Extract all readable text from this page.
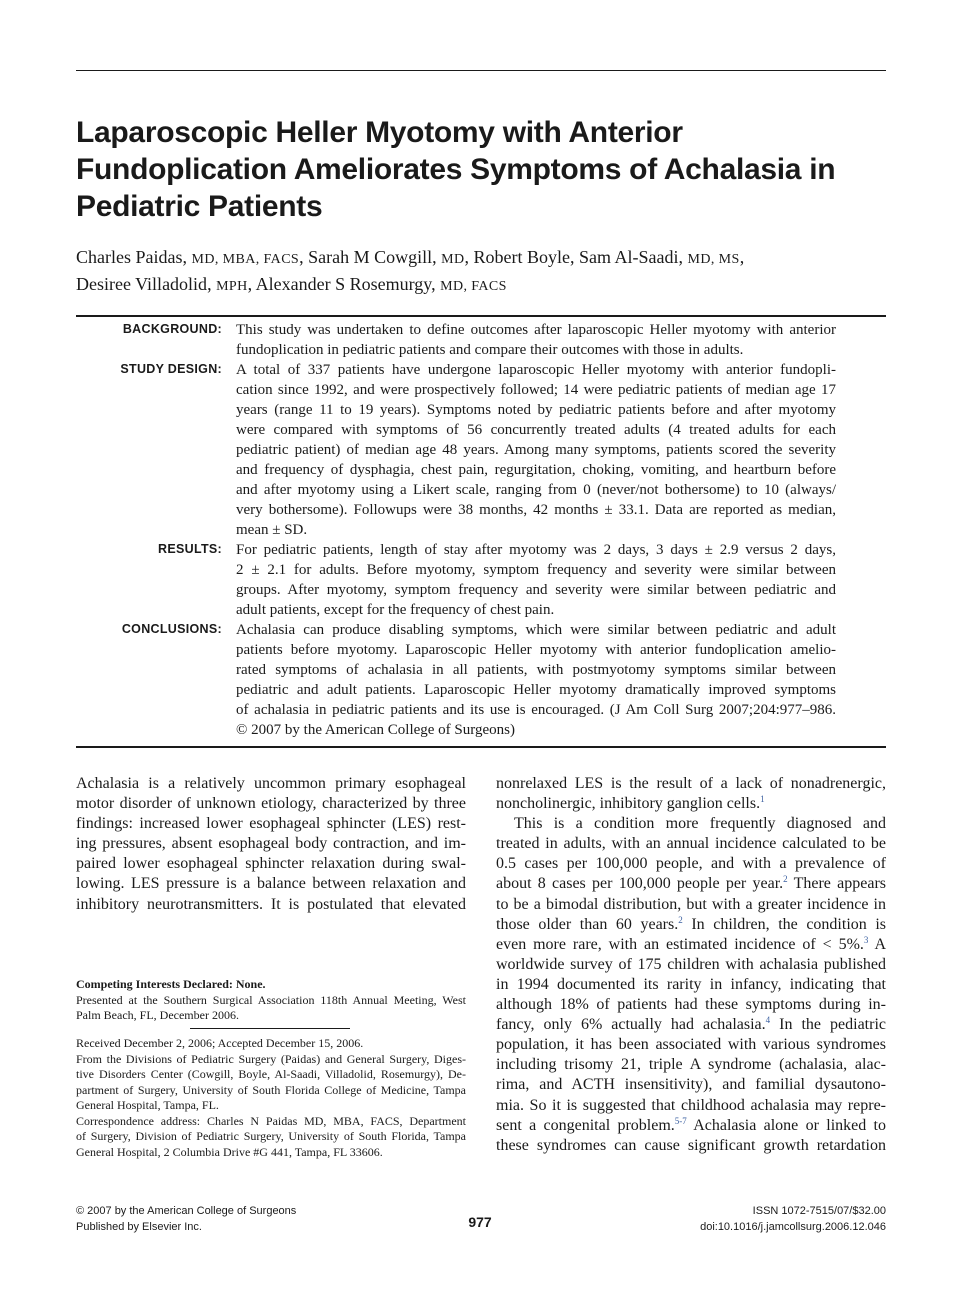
Laparoscopic Heller Myotomy with Anterior Fundoplication Ameliorates Symptoms of Achalasia in Pediatric Patients
Charles Paidas, MD, MBA, FACS, Sarah M Cowgill, MD, Robert Boyle, Sam Al-Saadi, MD, MS,
Desiree Villadolid, MPH, Alexander S Rosemurgy, MD, FACS
BACKGROUND: This study was undertaken to define outcomes after laparoscopic Heller myotomy with anterior
fundoplication in pediatric patients and compare their outcomes with those in adults.
STUDY DESIGN: A total of 337 patients have undergone laparoscopic Heller myotomy with anterior fundopli-
cation since 1992, and were prospectively followed; 14 were pediatric patients of median age 17
years (range 11 to 19 years). Symptoms noted by pediatric patients before and after myotomy
were compared with symptoms of 56 concurrently treated adults (4 treated adults for each
pediatric patient) of median age 48 years. Among many symptoms, patients scored the severity
and frequency of dysphagia, chest pain, regurgitation, choking, vomiting, and heartburn before
and after myotomy using a Likert scale, ranging from 0 (never/not bothersome) to 10 (always/
very bothersome). Followups were 38 months, 42 months ± 33.1. Data are reported as median,
mean ± SD.
RESULTS: For pediatric patients, length of stay after myotomy was 2 days, 3 days ± 2.9 versus 2 days,
2 ± 2.1 for adults. Before myotomy, symptom frequency and severity were similar between
groups. After myotomy, symptom frequency and severity were similar between pediatric and
adult patients, except for the frequency of chest pain.
CONCLUSIONS: Achalasia can produce disabling symptoms, which were similar between pediatric and adult
patients before myotomy. Laparoscopic Heller myotomy with anterior fundoplication amelio-
rated symptoms of achalasia in all patients, with postmyotomy symptoms similar between
pediatric and adult patients. Laparoscopic Heller myotomy dramatically improved symptoms
of achalasia in pediatric patients and its use is encouraged. (J Am Coll Surg 2007;204:977–986.
© 2007 by the American College of Surgeons)
Achalasia is a relatively uncommon primary esophageal
motor disorder of unknown etiology, characterized by three
findings: increased lower esophageal sphincter (LES) rest-
ing pressures, absent esophageal body contraction, and im-
paired lower esophageal sphincter relaxation during swal-
lowing. LES pressure is a balance between relaxation and
inhibitory neurotransmitters. It is postulated that elevated
nonrelaxed LES is the result of a lack of nonadrenergic,
noncholinergic, inhibitory ganglion cells.$^1$
This is a condition more frequently diagnosed and
treated in adults, with an annual incidence calculated to be
0.5 cases per 100,000 people, and with a prevalence of
about 8 cases per 100,000 people per year.$^2$ There appears
to be a bimodal distribution, but with a greater incidence in
those older than 60 years.$^2$ In children, the condition is
even more rare, with an estimated incidence of < 5%.$^3$ A
worldwide survey of 175 children with achalasia published
in 1994 documented its rarity in infancy, indicating that
although 18% of patients had these symptoms during in-
fancy, only 6% actually had achalasia.$^4$ In the pediatric
population, it has been associated with various syndromes
including trisomy 21, triple A syndrome (achalasia, alac-
rima, and ACTH insensitivity), and familial dysautono-
mia. So it is suggested that childhood achalasia may repre-
sent a congenital problem.$^{5-7}$ Achalasia alone or linked to
these syndromes can cause significant growth retardation
Competing Interests Declared: None.
Presented at the Southern Surgical Association 118th Annual Meeting, West
Palm Beach, FL, December 2006.
Received December 2, 2006; Accepted December 15, 2006.
From the Divisions of Pediatric Surgery (Paidas) and General Surgery, Diges-
tive Disorders Center (Cowgill, Boyle, Al-Saadi, Villadolid, Rosemurgy), De-
partment of Surgery, University of South Florida College of Medicine, Tampa
General Hospital, Tampa, FL.
Correspondence address: Charles N Paidas MD, MBA, FACS, Department
of Surgery, Division of Pediatric Surgery, University of South Florida, Tampa
General Hospital, 2 Columbia Drive #G 441, Tampa, FL 33606.
© 2007 by the American College of Surgeons
Published by Elsevier Inc.	977
ISSN 1072-7515/07/$32.00
doi:10.1016/j.jamcollsurg.2006.12.046
